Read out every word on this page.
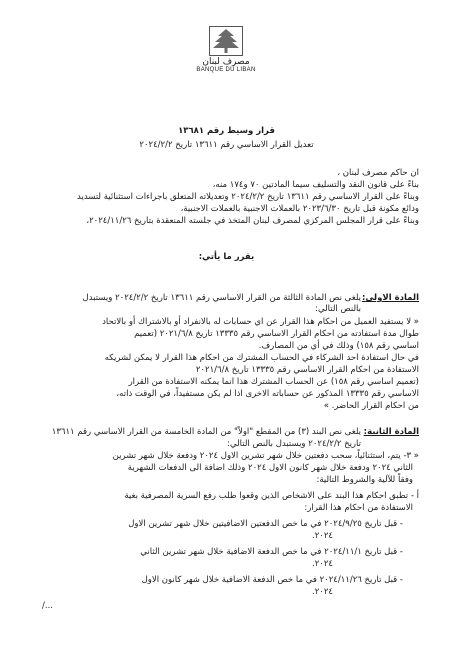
مصرف لبنان
BANQUE DU LIBAN
قرار وسيط رقم ١٣٦٨١
تعديل القرار الاساسي رقم ١٣٦١١ تاريخ ٢٠٢٤/٢/٢
ان حاكم مصرف لبنان ،
بناءً على قانون النقد والتسليف سيما المادتين ٧٠ و١٧٤ منه،
وبناءً على القرار الاساسي رقم ١٣٦١١ تاريخ ٢٠٢٤/٢/٢ وتعديلاته المتعلق باجراءات استثنائية لتسديد
ودائع مكونة قبل تاريخ ٢٠٢٣/٦/٣٠ بالعملات الاجنبية بالعملات الاجنبية،
وبناءً على قرار المجلس المركزي لمصرف لبنان المتخذ في جلسته المنعقدة بتاريخ ٢٠٢٤/١١/٢٦،
يقرر ما يأتي:
المادة الاولى:
يلغى نص المادة الثالثة من القرار الاساسي رقم ١٣٦١١ تاريخ ٢٠٢٤/٢/٢ ويستبدل
بالنص التالي:
« لا يستفيد العميل من احكام هذا القرار عن اي حسابات له بالانفراد أو بالاشتراك أو بالاتحاد
طوال مدة استفادته من احكام القرار الاساسي رقم ١٣٣٣٥ تاريخ ٢٠٢١/٦/٨ (تعميم
اساسي رقم ١٥٨) وذلك في أي من المصارف.
في حال استفادة احد الشركاء في الحساب المشترك من احكام هذا القرار لا يمكن لشريكه
الاستفادة من احكام القرار الاساسي رقم ١٣٣٣٥ تاريخ ٢٠٢١/٦/٨
(تعميم اساسي رقم ١٥٨) عن الحساب المشترك هذا انما يمكنه الاستفادة من القرار
الاساسي رقم ١٣٣٣٥ المذكور عن حساباته الاخرى اذا لم يكن مستفيداً، في الوقت ذاته،
من احكام القرار الحاضر. »
المادة الثانية:
يلغى نص البند (٣) من المقطع "اولاً" من المادة الخامسة من القرار الاساسي رقم ١٣٦١١
تاريخ ٢٠٢٤/٢/٢ ويستبدل بالنص التالي:
« ٣- يتم، استثنائياً، سحب دفعتين خلال شهر تشرين الاول ٢٠٢٤ ودفعة خلال شهر تشرين
الثاني ٢٠٢٤ ودفعة خلال شهر كانون الاول ٢٠٢٤ وذلك اضافة الى الدفعات الشهرية
وفقاً للآلية والشروط التالية:
أ - تطبق احكام هذا البند على الاشخاص الذين وقعوا طلب رفع السرية المصرفية بغية
الاستفادة من احكام هذا القرار:
- قبل تاريخ ٢٠٢٤/٩/٢٥ في ما خص الدفعتين الاضافيتين خلال شهر تشرين الاول
٢٠٢٤.
- قبل تاريخ ٢٠٢٤/١١/١ في ما خص الدفعة الاضافية خلال شهر تشرين الثاني
٢٠٢٤.
- قبل تاريخ ٢٠٢٤/١١/٢٦ في ما خص الدفعة الاضافية خلال شهر كانون الاول
٢٠٢٤.
/...
